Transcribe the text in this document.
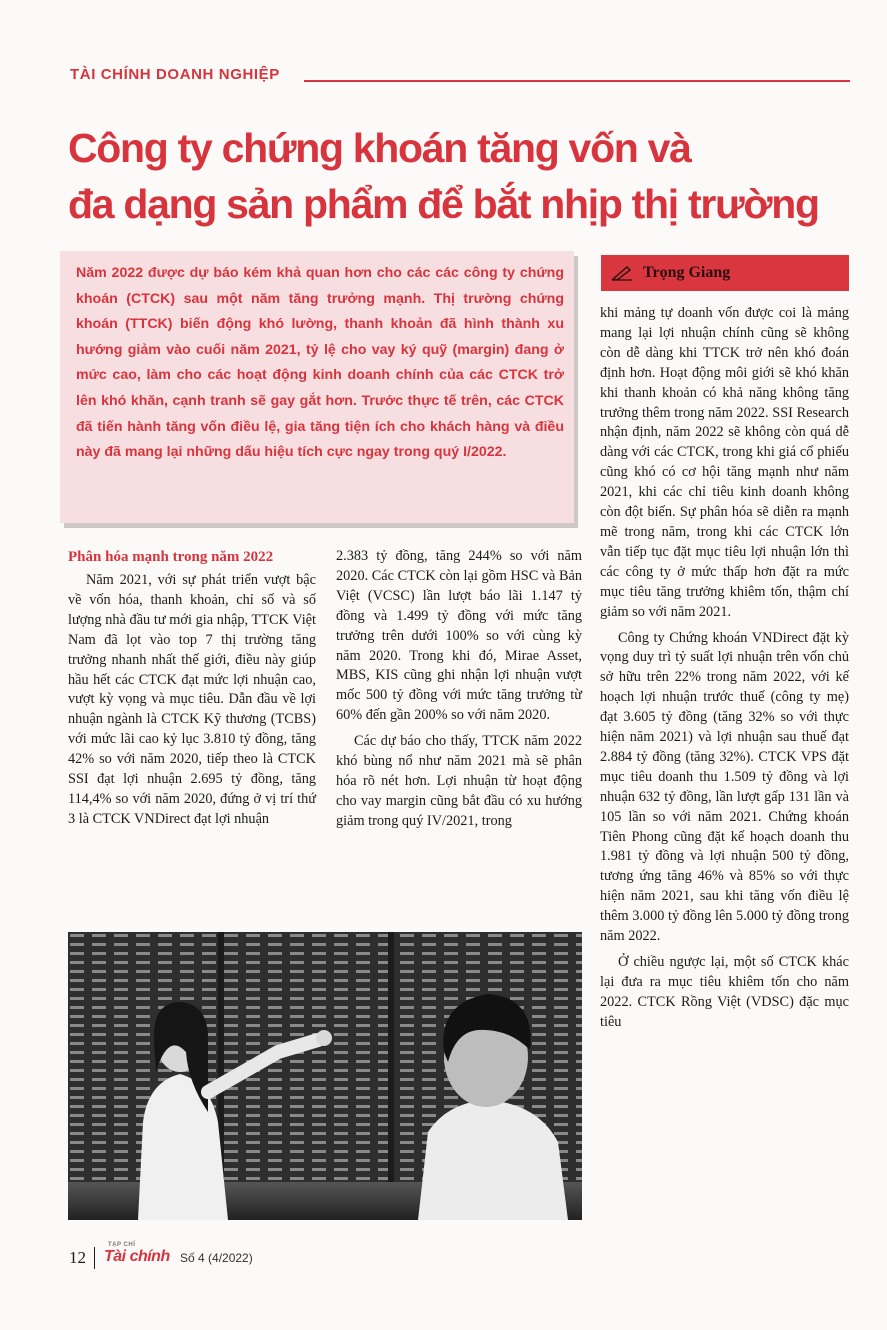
TÀI CHÍNH DOANH NGHIỆP
Công ty chứng khoán tăng vốn và
đa dạng sản phẩm để bắt nhịp thị trường

Năm 2022 được dự báo kém khả quan hơn cho các các công ty chứng khoán (CTCK) sau một năm tăng trưởng mạnh. Thị trường chứng khoán (TTCK) biến động khó lường, thanh khoản đã hình thành xu hướng giảm vào cuối năm 2021, tỷ lệ cho vay ký quỹ (margin) đang ở mức cao, làm cho các hoạt động kinh doanh chính của các CTCK trở lên khó khăn, cạnh tranh sẽ gay gắt hơn. Trước thực tế trên, các CTCK đã tiến hành tăng vốn điều lệ, gia tăng tiện ích cho khách hàng và điều này đã mang lại những dấu hiệu tích cực ngay trong quý I/2022.

Trọng Giang
Phân hóa mạnh trong năm 2022

Năm 2021, với sự phát triển vượt bậc về vốn hóa, thanh khoản, chỉ số và số lượng nhà đầu tư mới gia nhập, TTCK Việt Nam đã lọt vào top 7 thị trường tăng trưởng nhanh nhất thế giới, điều này giúp hầu hết các CTCK đạt mức lợi nhuận cao, vượt kỳ vọng và mục tiêu. Dẫn đầu về lợi nhuận ngành là CTCK Kỹ thương (TCBS) với mức lãi cao kỷ lục 3.810 tỷ đồng, tăng 42% so với năm 2020, tiếp theo là CTCK SSI đạt lợi nhuận 2.695 tỷ đồng, tăng 114,4% so với năm 2020, đứng ở vị trí thứ 3 là CTCK VNDirect đạt lợi nhuận

2.383 tỷ đồng, tăng 244% so với năm 2020. Các CTCK còn lại gồm HSC và Bản Việt (VCSC) lần lượt báo lãi 1.147 tỷ đồng và 1.499 tỷ đồng với mức tăng trưởng trên dưới 100% so với cùng kỳ năm 2020. Trong khi đó, Mirae Asset, MBS, KIS cũng ghi nhận lợi nhuận vượt mốc 500 tỷ đồng với mức tăng trưởng từ 60% đến gần 200% so với năm 2020.

Các dự báo cho thấy, TTCK năm 2022 khó bùng nổ như năm 2021 mà sẽ phân hóa rõ nét hơn. Lợi nhuận từ hoạt động cho vay margin cũng bắt đầu có xu hướng giảm trong quý IV/2021, trong

khi mảng tự doanh vốn được coi là mảng mang lại lợi nhuận chính cũng sẽ không còn dễ dàng khi TTCK trở nên khó đoán định hơn. Hoạt động môi giới sẽ khó khăn khi thanh khoản có khả năng không tăng trưởng thêm trong năm 2022. SSI Research nhận định, năm 2022 sẽ không còn quá dễ dàng với các CTCK, trong khi giá cổ phiếu cũng khó có cơ hội tăng mạnh như năm 2021, khi các chỉ tiêu kinh doanh không còn đột biến. Sự phân hóa sẽ diễn ra mạnh mẽ trong năm, trong khi các CTCK lớn vẫn tiếp tục đặt mục tiêu lợi nhuận lớn thì các công ty ở mức thấp hơn đặt ra mức mục tiêu tăng trưởng khiêm tốn, thậm chí giảm so với năm 2021.

Công ty Chứng khoán VNDirect đặt kỳ vọng duy trì tỷ suất lợi nhuận trên vốn chủ sở hữu trên 22% trong năm 2022, với kế hoạch lợi nhuận trước thuế (công ty mẹ) đạt 3.605 tỷ đồng (tăng 32% so với thực hiện năm 2021) và lợi nhuận sau thuế đạt 2.884 tỷ đồng (tăng 32%). CTCK VPS đặt mục tiêu doanh thu 1.509 tỷ đồng và lợi nhuận 632 tỷ đồng, lần lượt gấp 131 lần và 105 lần so với năm 2021. Chứng khoán Tiên Phong cũng đặt kế hoạch doanh thu 1.981 tỷ đồng và lợi nhuận 500 tỷ đồng, tương ứng tăng 46% và 85% so với thực hiện năm 2021, sau khi tăng vốn điều lệ thêm 3.000 tỷ đồng lên 5.000 tỷ đồng trong năm 2022.

Ở chiều ngược lại, một số CTCK khác lại đưa ra mục tiêu khiêm tốn cho năm 2022. CTCK Rồng Việt (VDSC) đặc mục tiêu

12
TẠP CHÍ
Tài chính Số 4 (4/2022)
